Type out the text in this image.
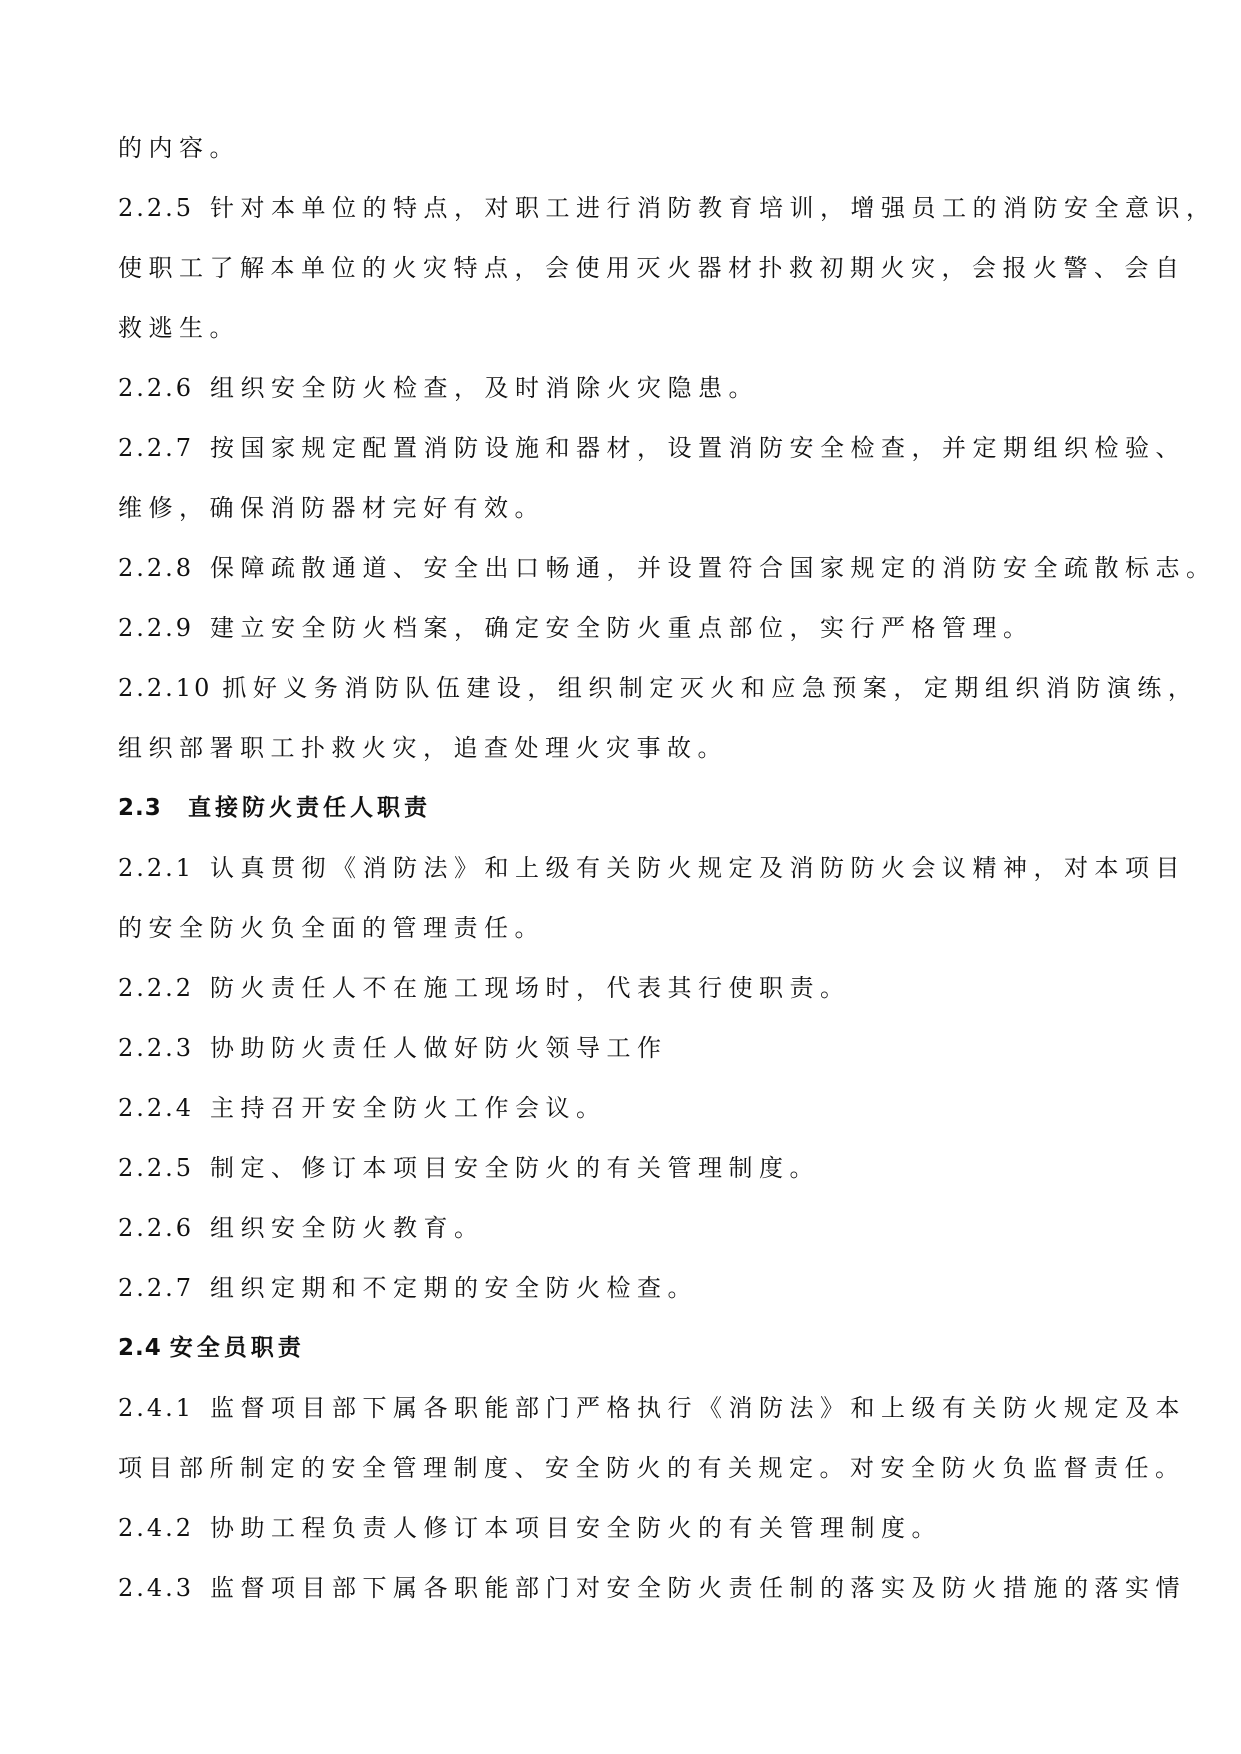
的内容。
2.2.5 针对本单位的特点，对职工进行消防教育培训，增强员工的消防安全意识，
使职工了解本单位的火灾特点，会使用灭火器材扑救初期火灾，会报火警、会自
救逃生。
2.2.6 组织安全防火检查，及时消除火灾隐患。
2.2.7 按国家规定配置消防设施和器材，设置消防安全检查，并定期组织检验、
维修，确保消防器材完好有效。
2.2.8 保障疏散通道、安全出口畅通，并设置符合国家规定的消防安全疏散标志。
2.2.9 建立安全防火档案，确定安全防火重点部位，实行严格管理。
2.2.10 抓好义务消防队伍建设，组织制定灭火和应急预案，定期组织消防演练，
组织部署职工扑救火灾，追查处理火灾事故。
2.3 直接防火责任人职责
2.2.1 认真贯彻《消防法》和上级有关防火规定及消防防火会议精神，对本项目
的安全防火负全面的管理责任。
2.2.2 防火责任人不在施工现场时，代表其行使职责。
2.2.3 协助防火责任人做好防火领导工作
2.2.4 主持召开安全防火工作会议。
2.2.5 制定、修订本项目安全防火的有关管理制度。
2.2.6 组织安全防火教育。
2.2.7 组织定期和不定期的安全防火检查。
2.4 安全员职责
2.4.1 监督项目部下属各职能部门严格执行《消防法》和上级有关防火规定及本
项目部所制定的安全管理制度、安全防火的有关规定。对安全防火负监督责任。
2.4.2 协助工程负责人修订本项目安全防火的有关管理制度。
2.4.3 监督项目部下属各职能部门对安全防火责任制的落实及防火措施的落实情
